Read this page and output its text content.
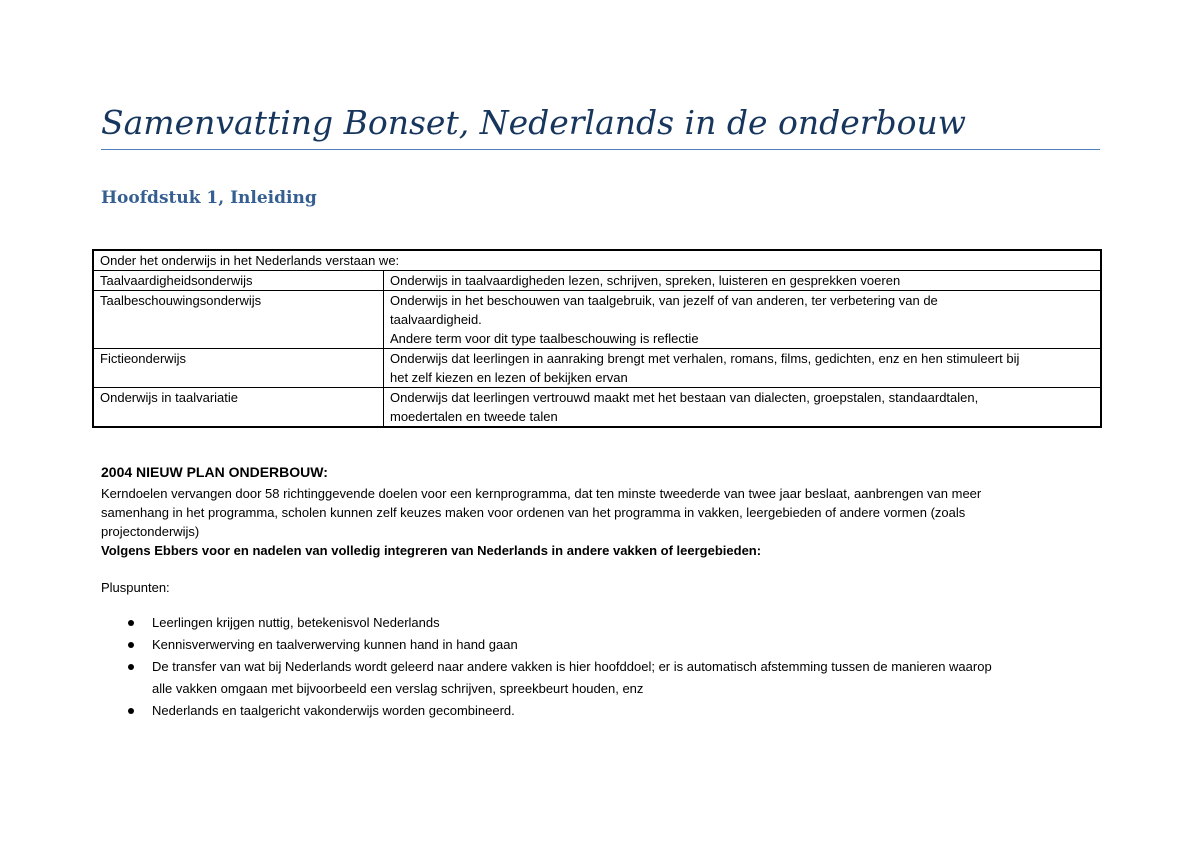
Samenvatting Bonset, Nederlands in de onderbouw
Hoofdstuk 1, Inleiding
Onder het onderwijs in het Nederlands verstaan we:	
Taalvaardigheidsonderwijs	Onderwijs in taalvaardigheden lezen, schrijven, spreken, luisteren en gesprekken voeren

Taalbeschouwingsonderwijs	Onderwijs in het beschouwen van taalgebruik, van jezelf of van anderen, ter verbetering van de
taalvaardigheid.
Andere term voor dit type taalbeschouwing is reflectie

Fictieonderwijs	Onderwijs dat leerlingen in aanraking brengt met verhalen, romans, films, gedichten, enz en hen stimuleert bij
het zelf kiezen en lezen of bekijken ervan

Onderwijs in taalvariatie	Onderwijs dat leerlingen vertrouwd maakt met het bestaan van dialecten, groepstalen, standaardtalen,
moedertalen en tweede talen
2004 NIEUW PLAN ONDERBOUW:
Kerndoelen vervangen door 58 richtinggevende doelen voor een kernprogramma, dat ten minste tweederde van twee jaar beslaat, aanbrengen van meer
samenhang in het programma, scholen kunnen zelf keuzes maken voor ordenen van het programma in vakken, leergebieden of andere vormen (zoals
projectonderwijs)
Volgens Ebbers voor en nadelen van volledig integreren van Nederlands in andere vakken of leergebieden:
Pluspunten:
Leerlingen krijgen nuttig, betekenisvol Nederlands
Kennisverwerving en taalverwerving kunnen hand in hand gaan
De transfer van wat bij Nederlands wordt geleerd naar andere vakken is hier hoofddoel; er is automatisch afstemming tussen de manieren waarop
alle vakken omgaan met bijvoorbeeld een verslag schrijven, spreekbeurt houden, enz
Nederlands en taalgericht vakonderwijs worden gecombineerd.
